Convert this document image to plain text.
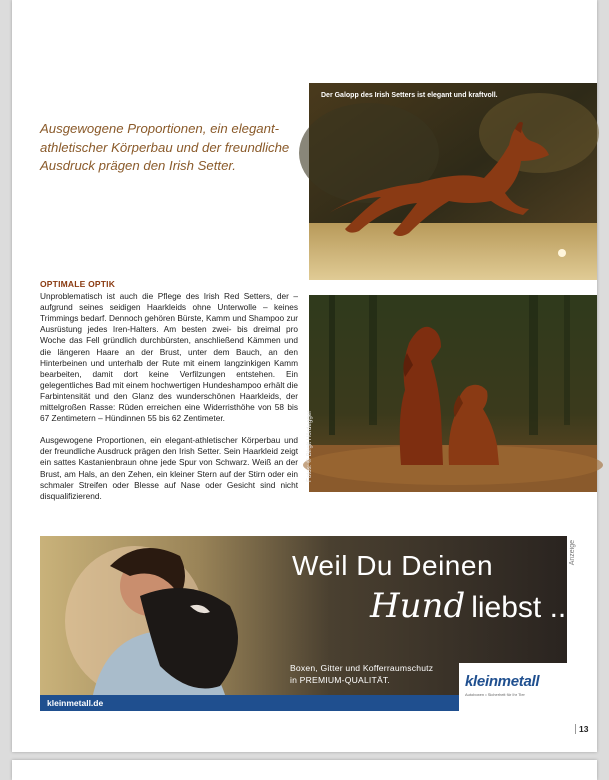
Ausgewogene Proportionen, ein elegant-athletischer Körperbau und der freundliche Ausdruck prägen den Irish Setter.

Der Galopp des Irish Setters ist elegant und kraftvoll.
OPTIMALE OPTIK

Unproblematisch ist auch die Pflege des Irish Red Setters, der – aufgrund seines seidigen Haarkleids ohne Unterwolle – keines Trimmings bedarf. Dennoch gehören Bürste, Kamm und Shampoo zur Ausrüstung jedes Iren-Halters. Am besten zwei- bis dreimal pro Woche das Fell gründlich durchbürsten, anschließend Kämmen und die längeren Haare an der Brust, unter dem Bauch, an den Hinterbeinen und unterhalb der Rute mit einem langzinkigen Kamm bearbeiten, damit dort keine Verfilzungen entstehen. Ein gelegentliches Bad mit einem hochwertigen Hundeshampoo erhält die Farbintensität und den Glanz des wunderschönen Haarkleids, der mittelgroßen Rasse: Rüden erreichen eine Widerristhöhe von 58 bis 67 Zentimetern – Hündinnen 55 bis 62 Zentimeter.

Ausgewogene Proportionen, ein elegant-athletischer Körperbau und der freundliche Ausdruck prägen den Irish Setter. Sein Haarkleid zeigt ein sattes Kastanienbraun ohne jede Spur von Schwarz. Weiß an der Brust, am Hals, an den Zehen, ein kleiner Stern auf der Stirn oder ein schmaler Streifen oder Blesse auf Nase oder Gesicht sind nicht disqualifizierend.

Fotos: © Birgit Hördegger
Weil Du Deinen
Hund liebst ...
Boxen, Gitter und Kofferraumschutz
in PREMIUM-QUALITÄT.
kleinmetall.de
kleinmetall
Autoboxen • Sicherheit für Ihr Tier
Anzeige
13
